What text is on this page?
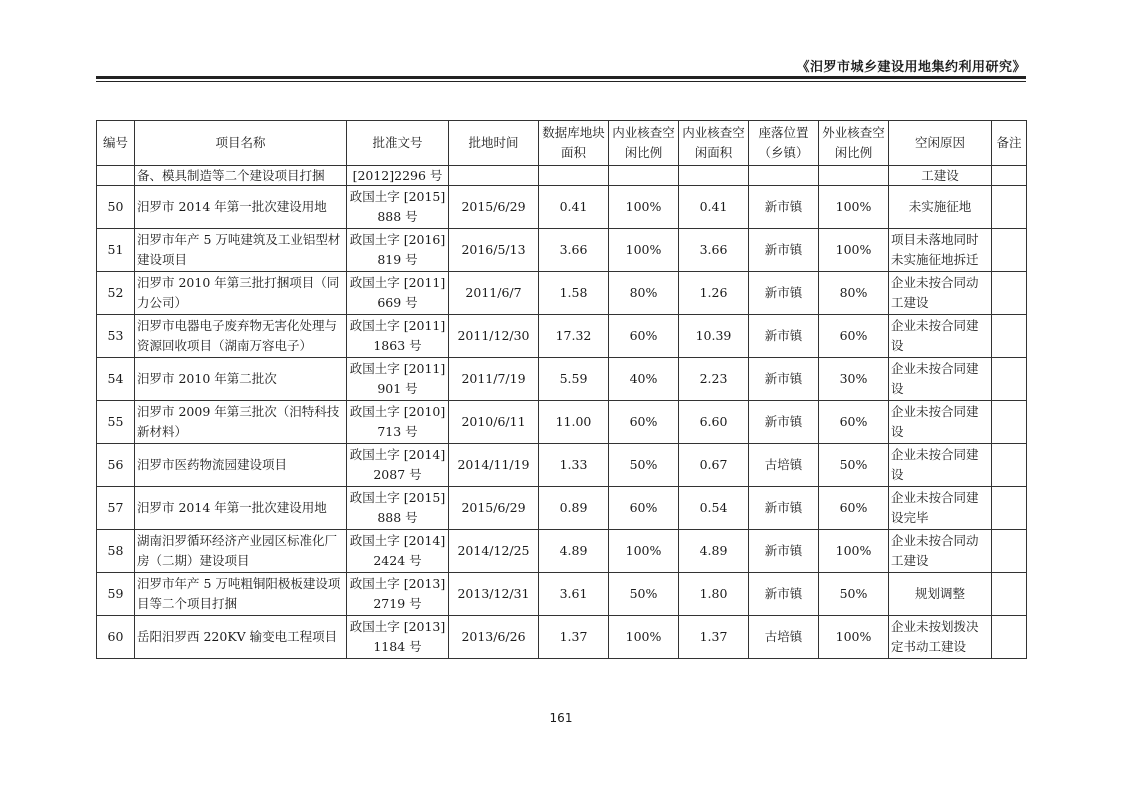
《汨罗市城乡建设用地集约利用研究》
编号	项目名称	批准文号	批地时间	数据库地块面积	内业核查空闲比例	内业核查空闲面积	座落位置（乡镇）	外业核查空闲比例	空闲原因	备注
	备、模具制造等二个建设项目打捆	[2012]2296 号							工建设	
50	汨罗市 2014 年第一批次建设用地	政国土字 [2015]888 号	2015/6/29	0.41	100%	0.41	新市镇	100%	未实施征地	
51	汨罗市年产 5 万吨建筑及工业铝型材建设项目	政国土字 [2016]819 号	2016/5/13	3.66	100%	3.66	新市镇	100%	项目未落地同时未实施征地拆迁	
52	汨罗市 2010 年第三批打捆项目（同力公司）	政国土字 [2011]669 号	2011/6/7	1.58	80%	1.26	新市镇	80%	企业未按合同动工建设	
53	汨罗市电器电子废弃物无害化处理与资源回收项目（湖南万容电子）	政国土字 [2011]1863 号	2011/12/30	17.32	60%	10.39	新市镇	60%	企业未按合同建设	
54	汨罗市 2010 年第二批次	政国土字 [2011]901 号	2011/7/19	5.59	40%	2.23	新市镇	30%	企业未按合同建设	
55	汨罗市 2009 年第三批次（汨特科技新材料）	政国土字 [2010]713 号	2010/6/11	11.00	60%	6.60	新市镇	60%	企业未按合同建设	
56	汨罗市医药物流园建设项目	政国土字 [2014]2087 号	2014/11/19	1.33	50%	0.67	古培镇	50%	企业未按合同建设	
57	汨罗市 2014 年第一批次建设用地	政国土字 [2015]888 号	2015/6/29	0.89	60%	0.54	新市镇	60%	企业未按合同建设完毕	
58	湖南汨罗循环经济产业园区标准化厂房（二期）建设项目	政国土字 [2014]2424 号	2014/12/25	4.89	100%	4.89	新市镇	100%	企业未按合同动工建设	
59	汨罗市年产 5 万吨粗铜阳极板建设项目等二个项目打捆	政国土字 [2013]2719 号	2013/12/31	3.61	50%	1.80	新市镇	50%	规划调整	
60	岳阳汨罗西 220KV 输变电工程项目	政国土字 [2013]1184 号	2013/6/26	1.37	100%	1.37	古培镇	100%	企业未按划拨决定书动工建设	
161
